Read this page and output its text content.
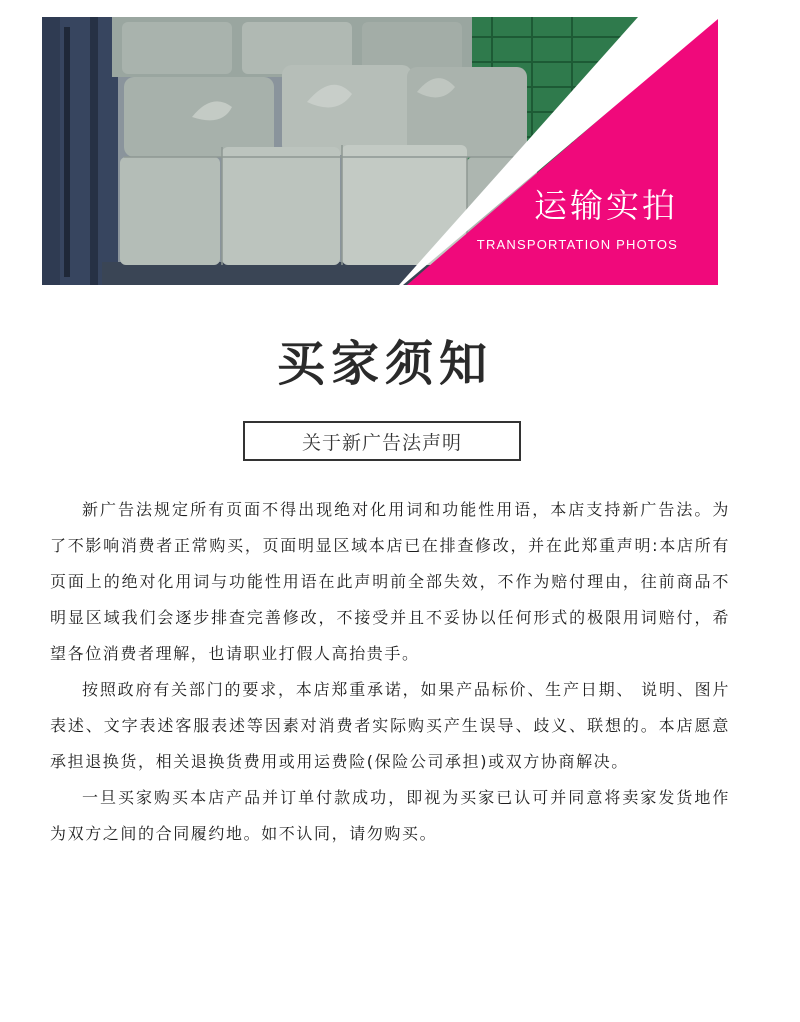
运输实拍
TRANSPORTATION PHOTOS
买家须知
关于新广告法声明

新广告法规定所有页面不得出现绝对化用词和功能性用语，本店支持新广告法。为了不影响消费者正常购买，页面明显区域本店已在排查修改，并在此郑重声明:本店所有页面上的绝对化用词与功能性用语在此声明前全部失效，不作为赔付理由，往前商品不明显区域我们会逐步排查完善修改，不接受并且不妥协以任何形式的极限用词赔付，希望各位消费者理解，也请职业打假人高抬贵手。

按照政府有关部门的要求，本店郑重承诺，如果产品标价、生产日期、 说明、图片表述、文字表述客服表述等因素对消费者实际购买产生误导、歧义、联想的。本店愿意承担退换货，相关退换货费用或用运费险(保险公司承担)或双方协商解决。

一旦买家购买本店产品并订单付款成功，即视为买家已认可并同意将卖家发货地作为双方之间的合同履约地。如不认同，请勿购买。
